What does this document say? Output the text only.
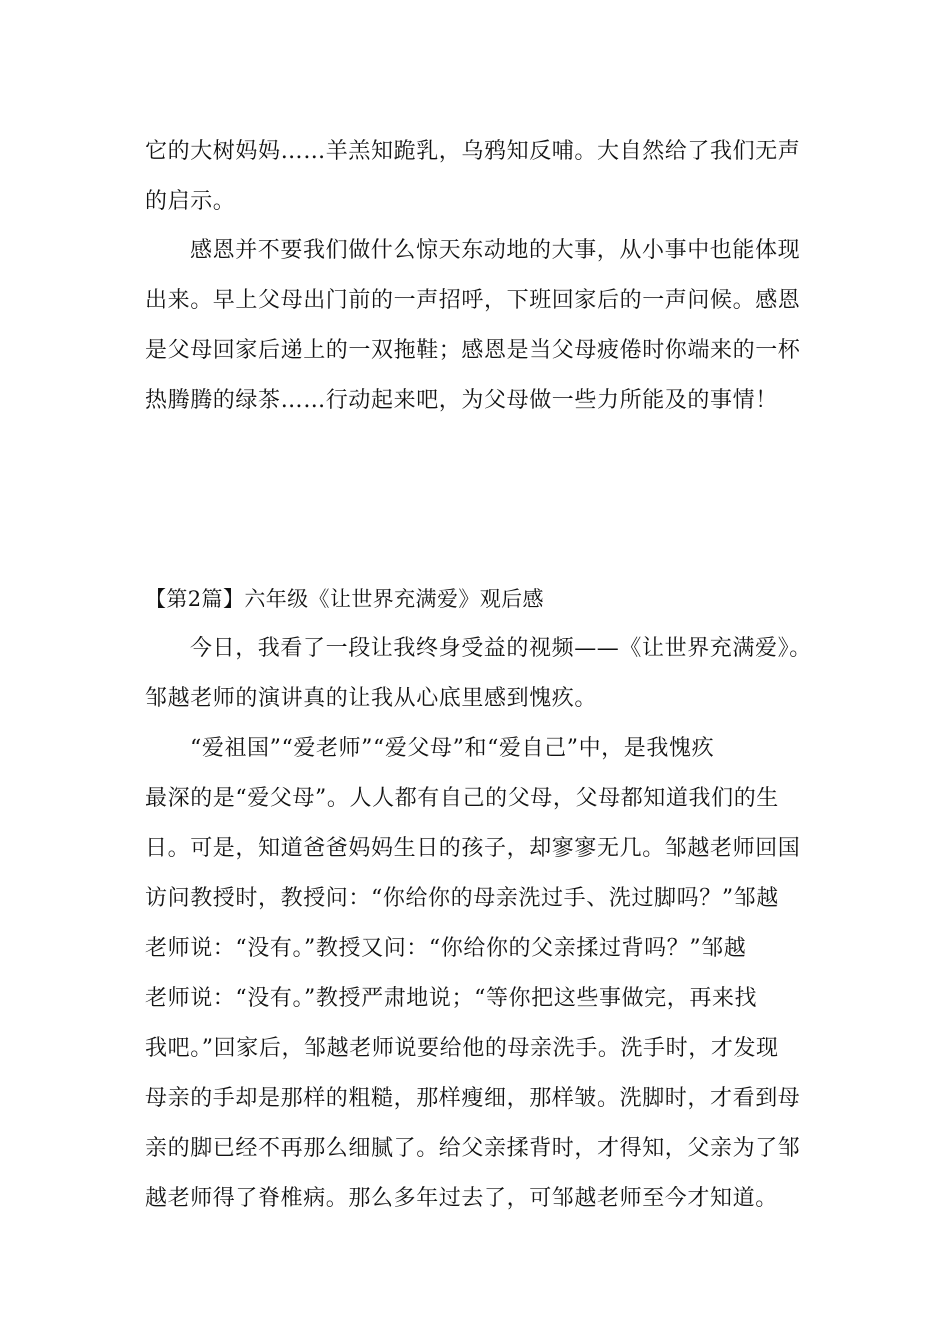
它的大树妈妈……羊羔知跪乳，乌鸦知反哺。大自然给了我们无声
的启示。
感恩并不要我们做什么惊天东动地的大事，从小事中也能体现
出来。早上父母出门前的一声招呼，下班回家后的一声问候。感恩
是父母回家后递上的一双拖鞋；感恩是当父母疲倦时你端来的一杯
热腾腾的绿茶……行动起来吧，为父母做一些力所能及的事情！
【第2篇】六年级《让世界充满爱》观后感
今日，我看了一段让我终身受益的视频——《让世界充满爱》。
邹越老师的演讲真的让我从心底里感到愧疚。
“爱祖国”“爱老师”“爱父母”和“爱自己”中，是我愧疚
最深的是“爱父母”。人人都有自己的父母，父母都知道我们的生
日。可是，知道爸爸妈妈生日的孩子，却寥寥无几。邹越老师回国
访问教授时，教授问：“你给你的母亲洗过手、洗过脚吗？”邹越
老师说：“没有。”教授又问：“你给你的父亲揉过背吗？”邹越
老师说：“没有。”教授严肃地说；“等你把这些事做完，再来找
我吧。”回家后，邹越老师说要给他的母亲洗手。洗手时，才发现
母亲的手却是那样的粗糙，那样瘦细，那样皱。洗脚时，才看到母
亲的脚已经不再那么细腻了。给父亲揉背时，才得知，父亲为了邹
越老师得了脊椎病。那么多年过去了，可邹越老师至今才知道。
